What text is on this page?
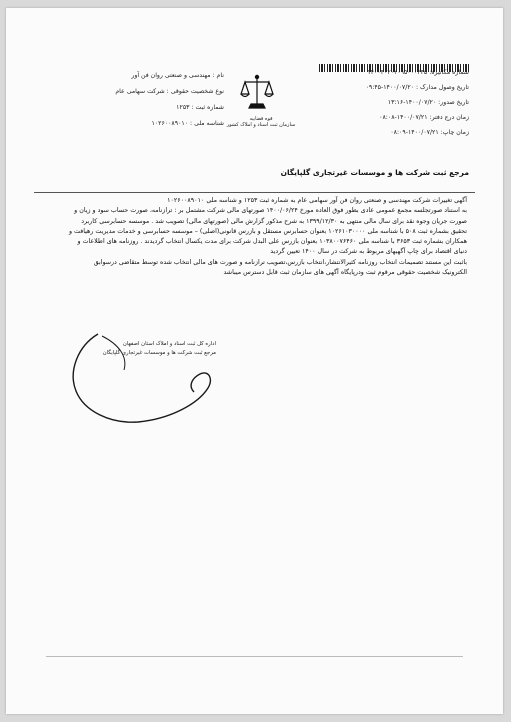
شماره مکانیزه: ۱۴۰۰۳۰۲۰۲۰۹۵۰۰۰۲۳۵
تاریخ وصول مدارک : ۱۴۰۰/۰۷/۲۰-۰۹:۴۵
تاریخ صدور: ۱۴۰۰/۰۷/۲۰-۱۳:۱۶
زمان درج دفتر: ۱۴۰۰/۰۷/۲۱-۰۸:۰۸
زمان چاپ: ۱۴۰۰/۰۷/۲۱-۰۸:۰۹
قوه قضاییه
سازمان ثبت اسناد و املاک کشور
نام : مهندسی و صنعتی روان فن آور
نوع شخصیت حقوقی : شرکت سهامی عام
شماره ثبت : ۱۲۵۳
شناسه ملی : ۱۰۲۶۰۰۸۹۰۱۰
مرجع ثبت شرکت ها و موسسات غیرتجاری گلپایگان

آگهی تغییرات شرکت مهندسی و صنعتی روان فن آور سهامی عام به شماره ثبت ۱۲۵۳ و شناسه ملی ۱۰۲۶۰۰۸۹۰۱۰

به استناد صورتجلسه مجمع عمومی عادی بطور فوق العاده مورخ ۱۴۰۰/۰۶/۲۴ صورتهای مالی شرکت مشتمل بر : ترازنامه، صورت حساب سود و زیان و

صورت جریان وجوه نقد برای سال مالی منتهی به ۱۳۹۹/۱۲/۳۰ به شرح مذکور گزارش مالی (صورتهای مالی) تصویب شد . موسسه حسابرسی کاربرد

تحقیق بشماره ثبت ۵۰۸ با شناسه ملی ۱۰۲۶۱۰۳۰۰۰۰ بعنوان حسابرس مستقل و بازرس قانونی(اصلی) – موسسه حسابرسی و خدمات مدیریت رهیافت و

همکاران بشماره ثبت ۳۶۵۳ با شناسه ملی ۱۰۳۸۰۰۷۶۴۶۰ بعنوان بازرس علی البدل شرکت برای مدت یکسال انتخاب گردیدند . روزنامه های اطلاعات و

دنیای اقتصاد برای چاپ آگهیهای مربوط به شرکت در سال ۱۴۰۰ تعیین گردید

باثبت این مستند تصمیمات انتخاب روزنامه کثیرالانتشار،انتخاب بازرس،تصویب ترازنامه و صورت های مالی انتخاب شده توسط متقاضی درسوابق

الکترونیک شخصیت حقوقی مرقوم ثبت ودرپایگاه آگهی های سازمان ثبت قابل دسترس میباشد

اداره کل ثبت اسناد و املاک استان اصفهان
مرجع ثبت شرکت ها و موسسات غیرتجاری گلپایگان
